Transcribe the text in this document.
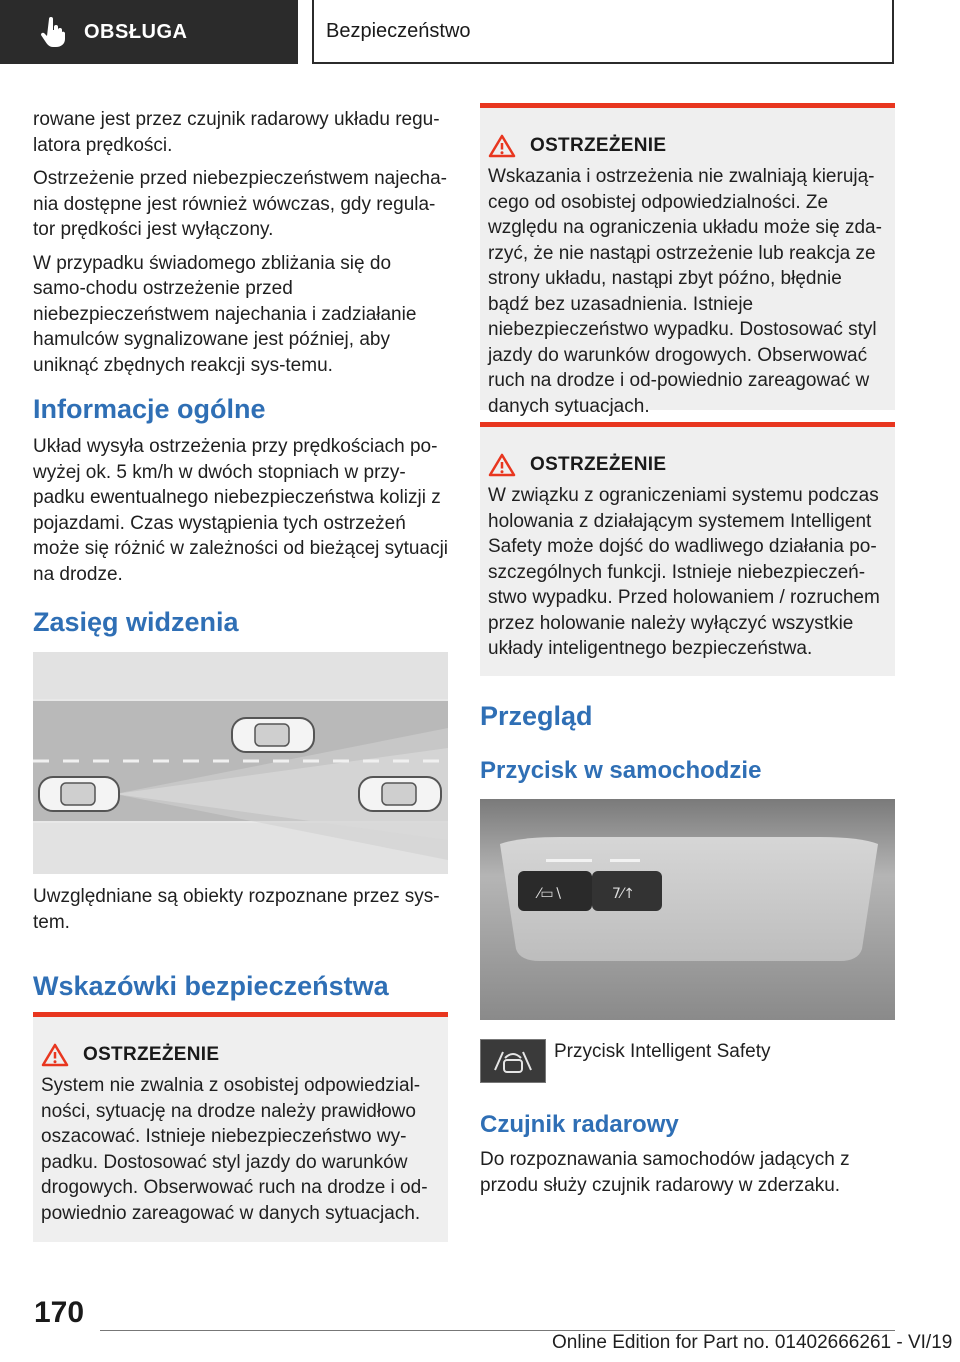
OBSŁUGA	Bezpieczeństwo

rowane jest przez czujnik radarowy układu regu-latora prędkości.

Ostrzeżenie przed niebezpieczeństwem najecha-nia dostępne jest również wówczas, gdy regula-tor prędkości jest wyłączony.

W przypadku świadomego zbliżania się do samo-chodu ostrzeżenie przed niebezpieczeństwem najechania i zadziałanie hamulców sygnalizowane jest później, aby uniknąć zbędnych reakcji sys-temu.

Informacje ogólne

Układ wysyła ostrzeżenia przy prędkościach po-wyżej ok. 5 km/h w dwóch stopniach w przy-padku ewentualnego niebezpieczeństwa kolizji z pojazdami. Czas wystąpienia tych ostrzeżeń może się różnić w zależności od bieżącej sytuacji na drodze.

Zasięg widzenia

Uwzględniane są obiekty rozpoznane przez sys-tem.

Wskazówki bezpieczeństwa
OSTRZEŻENIE

System nie zwalnia z osobistej odpowiedzial-ności, sytuację na drodze należy prawidłowo oszacować. Istnieje niebezpieczeństwo wy-padku. Dostosować styl jazdy do warunków drogowych. Obserwować ruch na drodze i od-powiednio zareagować w danych sytuacjach.

OSTRZEŻENIE

Wskazania i ostrzeżenia nie zwalniają kierują-cego od osobistej odpowiedzialności. Ze względu na ograniczenia układu może się zda-rzyć, że nie nastąpi ostrzeżenie lub reakcja ze strony układu, nastąpi zbyt późno, błędnie bądź bez uzasadnienia. Istnieje niebezpieczeństwo wypadku. Dostosować styl jazdy do warunków drogowych. Obserwować ruch na drodze i od-powiednio zareagować w danych sytuacjach.

OSTRZEŻENIE

W związku z ograniczeniami systemu podczas holowania z działającym systemem Intelligent Safety może dojść do wadliwego działania po-szczególnych funkcji. Istnieje niebezpieczeń-stwo wypadku. Przed holowaniem / rozruchem przez holowanie należy wyłączyć wszystkie układy inteligentnego bezpieczeństwa.

Przegląd
Przycisk w samochodzie
⁄▭∖	7⁄↑

Przycisk Intelligent Safety

Czujnik radarowy

Do rozpoznawania samochodów jadących z przodu służy czujnik radarowy w zderzaku.

170
Online Edition for Part no. 01402666261 - VI/19
